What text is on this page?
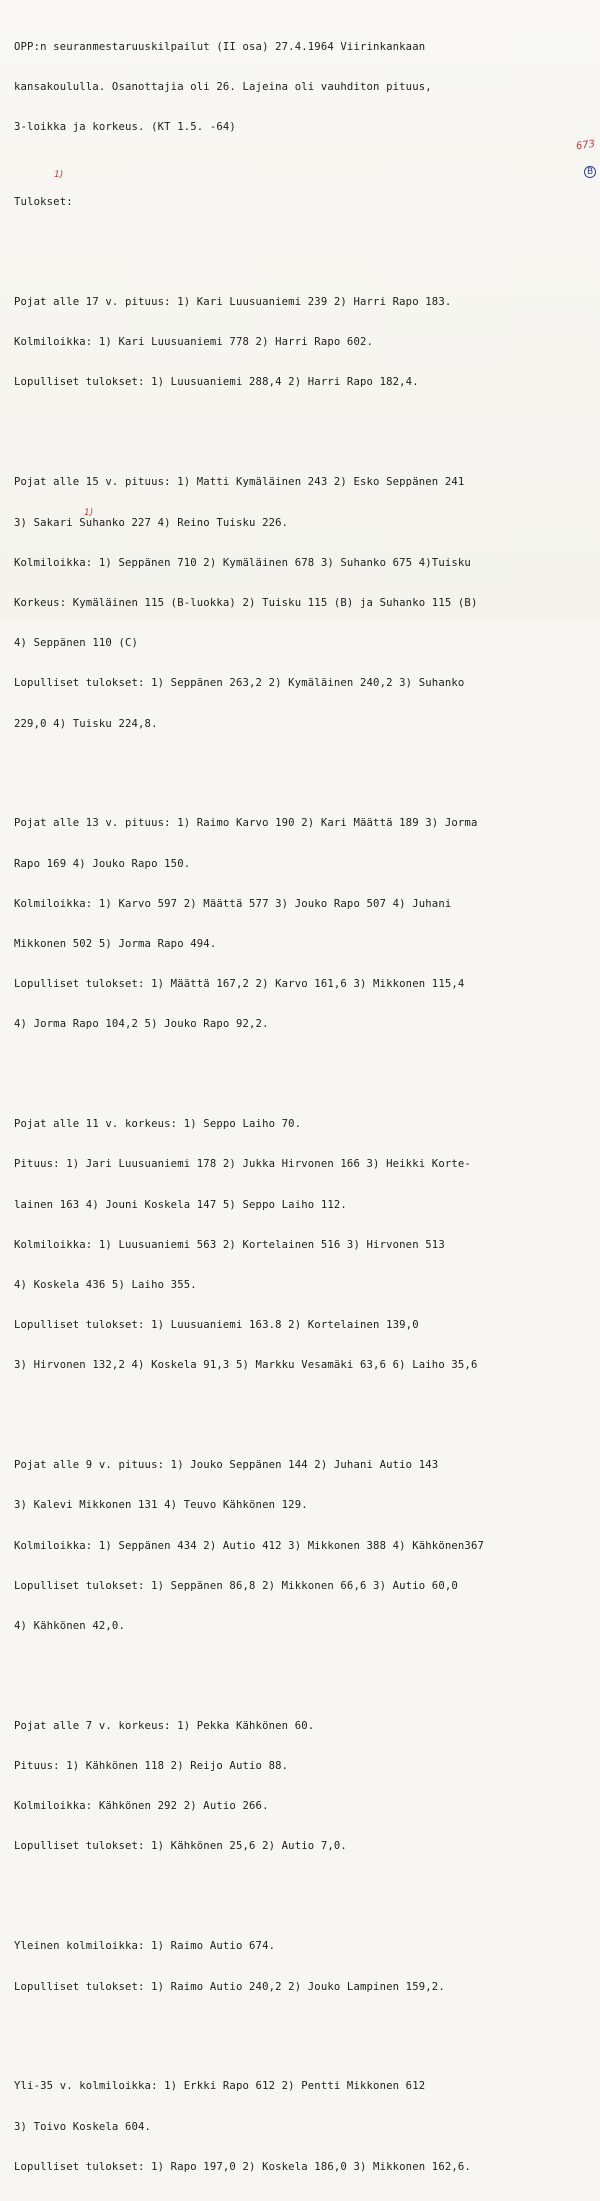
OPP:n seuranmestaruuskilpailut (II osa) 27.4.1964 Viirinkankaan

kansakoululla. Osanottajia oli 26. Lajeina oli vauhditon pituus,

3-loikka ja korkeus. (KT 1.5. -64)

Tulokset:

Pojat alle 17 v. pituus: 1) Kari Luusuaniemi 239 2) Harri Rapo 183.

Kolmiloikka: 1) Kari Luusuaniemi 778 2) Harri Rapo 602.

Lopulliset tulokset: 1) Luusuaniemi 288,4 2) Harri Rapo 182,4.

Pojat alle 15 v. pituus: 1) Matti Kymäläinen 243 2) Esko Seppänen 241

3) Sakari Suhanko 227 4) Reino Tuisku 226.

Kolmiloikka: 1) Seppänen 710 2) Kymäläinen 678 3) Suhanko 675 4)Tuisku

Korkeus: Kymäläinen 115 (B-luokka) 2) Tuisku 115 (B) ja Suhanko 115 (B)

4) Seppänen 110 (C)

Lopulliset tulokset: 1) Seppänen 263,2 2) Kymäläinen 240,2 3) Suhanko

229,0 4) Tuisku 224,8.

Pojat alle 13 v. pituus: 1) Raimo Karvo 190 2) Kari Määttä 189 3) Jorma

Rapo 169 4) Jouko Rapo 150.

Kolmiloikka: 1) Karvo 597 2) Määttä 577 3) Jouko Rapo 507 4) Juhani

Mikkonen 502 5) Jorma Rapo 494.

Lopulliset tulokset: 1) Määttä 167,2 2) Karvo 161,6 3) Mikkonen 115,4

4) Jorma Rapo 104,2 5) Jouko Rapo 92,2.

Pojat alle 11 v. korkeus: 1) Seppo Laiho 70.

Pituus: 1) Jari Luusuaniemi 178 2) Jukka Hirvonen 166 3) Heikki Korte-

lainen 163 4) Jouni Koskela 147 5) Seppo Laiho 112.

Kolmiloikka: 1) Luusuaniemi 563 2) Kortelainen 516 3) Hirvonen 513

4) Koskela 436 5) Laiho 355.

Lopulliset tulokset: 1) Luusuaniemi 163.8 2) Kortelainen 139,0

3) Hirvonen 132,2 4) Koskela 91,3 5) Markku Vesamäki 63,6 6) Laiho 35,6

Pojat alle 9 v. pituus: 1) Jouko Seppänen 144 2) Juhani Autio 143

3) Kalevi Mikkonen 131 4) Teuvo Kähkönen 129.

Kolmiloikka: 1) Seppänen 434 2) Autio 412 3) Mikkonen 388 4) Kähkönen367

Lopulliset tulokset: 1) Seppänen 86,8 2) Mikkonen 66,6 3) Autio 60,0

4) Kähkönen 42,0.

Pojat alle 7 v. korkeus: 1) Pekka Kähkönen 60.

Pituus: 1) Kähkönen 118 2) Reijo Autio 88.

Kolmiloikka: Kähkönen 292 2) Autio 266.

Lopulliset tulokset: 1) Kähkönen 25,6 2) Autio 7,0.

Yleinen kolmiloikka: 1) Raimo Autio 674.

Lopulliset tulokset: 1) Raimo Autio 240,2 2) Jouko Lampinen 159,2.

Yli-35 v. kolmiloikka: 1) Erkki Rapo 612 2) Pentti Mikkonen 612

3) Toivo Koskela 604.

Lopulliset tulokset: 1) Rapo 197,0 2) Koskela 186,0 3) Mikkonen 162,6.

673
1)
1)
B
